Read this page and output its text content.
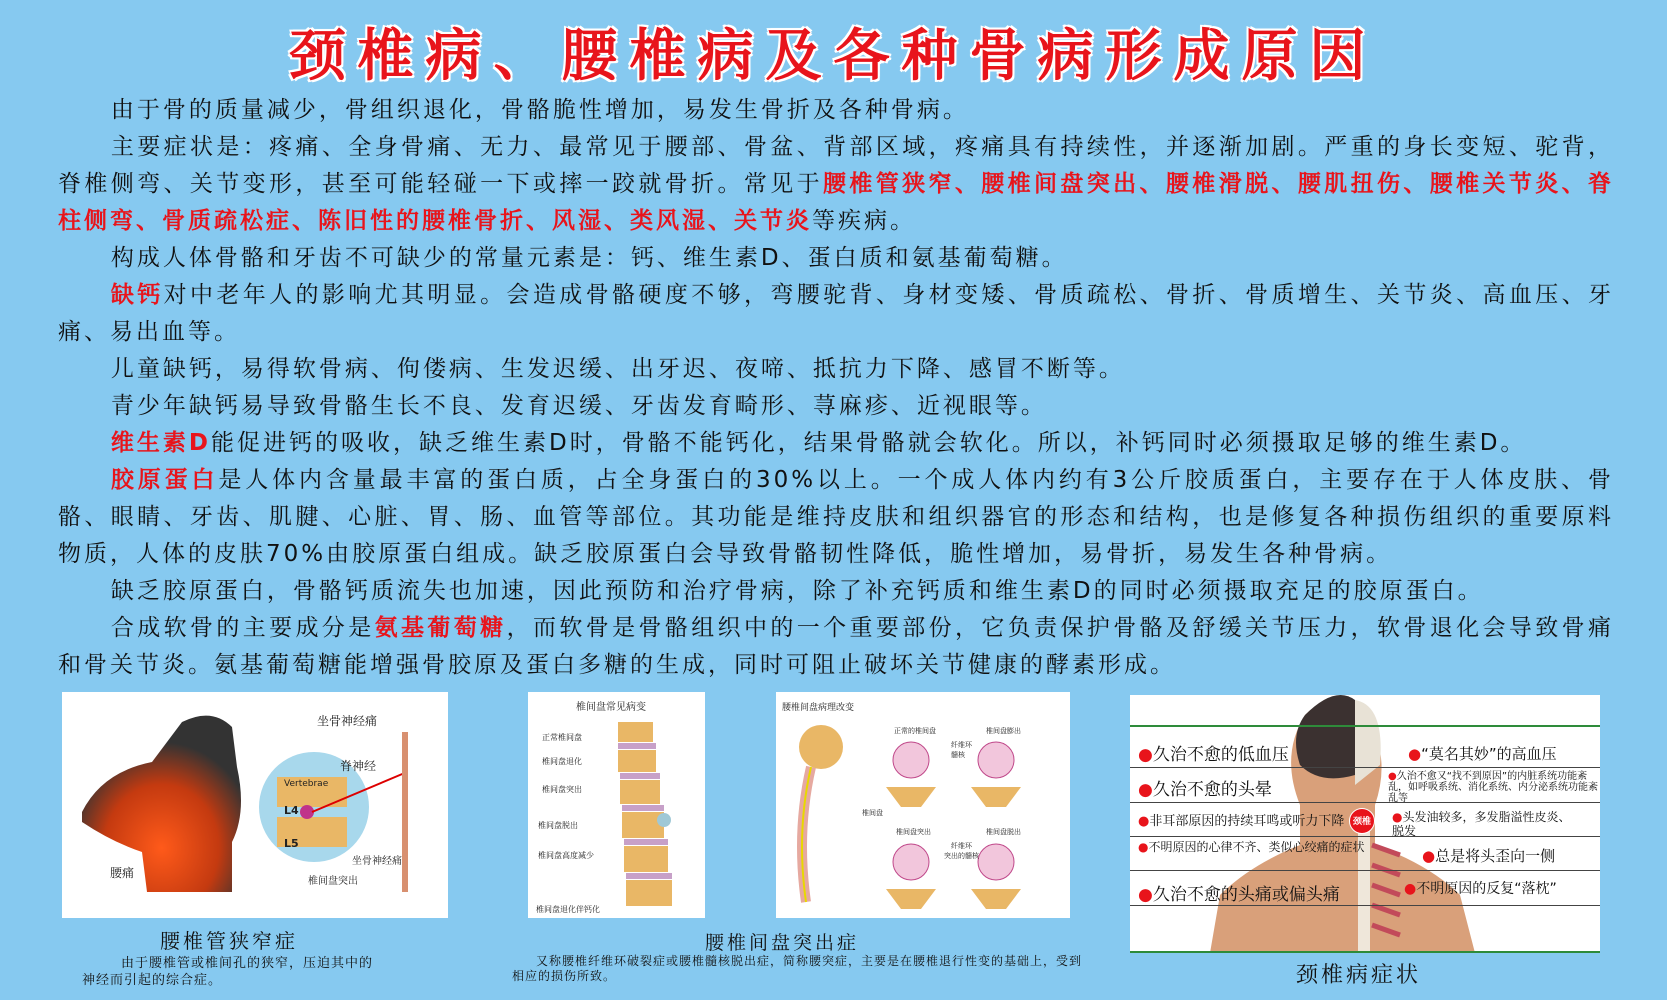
颈椎病、腰椎病及各种骨病形成原因

由于骨的质量减少，骨组织退化，骨骼脆性增加，易发生骨折及各种骨病。

主要症状是：疼痛、全身骨痛、无力、最常见于腰部、骨盆、背部区域，疼痛具有持续性，并逐渐加剧。严重的身长变短、驼背，脊椎侧弯、关节变形，甚至可能轻碰一下或摔一跤就骨折。常见于腰椎管狭窄、腰椎间盘突出、腰椎滑脱、腰肌扭伤、腰椎关节炎、脊柱侧弯、骨质疏松症、陈旧性的腰椎骨折、风湿、类风湿、关节炎等疾病。

构成人体骨骼和牙齿不可缺少的常量元素是：钙、维生素D、蛋白质和氨基葡萄糖。

缺钙对中老年人的影响尤其明显。会造成骨骼硬度不够，弯腰驼背、身材变矮、骨质疏松、骨折、骨质增生、关节炎、高血压、牙痛、易出血等。

儿童缺钙，易得软骨病、佝偻病、生发迟缓、出牙迟、夜啼、抵抗力下降、感冒不断等。

青少年缺钙易导致骨骼生长不良、发育迟缓、牙齿发育畸形、荨麻疹、近视眼等。

维生素D能促进钙的吸收，缺乏维生素D时，骨骼不能钙化，结果骨骼就会软化。所以，补钙同时必须摄取足够的维生素D。

胶原蛋白是人体内含量最丰富的蛋白质，占全身蛋白的30%以上。一个成人体内约有3公斤胶质蛋白，主要存在于人体皮肤、骨骼、眼睛、牙齿、肌腱、心脏、胃、肠、血管等部位。其功能是维持皮肤和组织器官的形态和结构，也是修复各种损伤组织的重要原料物质，人体的皮肤70%由胶原蛋白组成。缺乏胶原蛋白会导致骨骼韧性降低，脆性增加，易骨折，易发生各种骨病。

缺乏胶原蛋白，骨骼钙质流失也加速，因此预防和治疗骨病，除了补充钙质和维生素D的同时必须摄取充足的胶原蛋白。

合成软骨的主要成分是氨基葡萄糖，而软骨是骨骼组织中的一个重要部份，它负责保护骨骼及舒缓关节压力，软骨退化会导致骨痛和骨关节炎。氨基葡萄糖能增强骨胶原及蛋白多糖的生成，同时可阻止破坏关节健康的酵素形成。

坐骨神经痛
脊神经
Vertebrae
L4
L5
坐骨神经痛
椎间盘突出
腰痛
腰椎管狭窄症
由于腰椎管或椎间孔的狭窄，压迫其中的神经而引起的综合症。
椎间盘常见病变
正常椎间盘
椎间盘退化
椎间盘突出
椎间盘脱出
椎间盘高度减少
椎间盘退化伴钙化
腰椎间盘病理改变
正常的椎间盘	椎间盘膨出
纤维环
髓核
椎间盘
椎间盘突出	椎间盘脱出
纤维环
突出的髓核
腰椎间盘突出症
又称腰椎纤维环破裂症或腰椎髓核脱出症，简称腰突症，主要是在腰椎退行性变的基础上，受到相应的损伤所致。
颈椎
●久治不愈的低血压
●久治不愈的头晕
●非耳部原因的持续耳鸣或听力下降
●不明原因的心律不齐、类似心绞痛的症状
●久治不愈的头痛或偏头痛
●“莫名其妙”的高血压
●久治不愈又“找不到原因”的内脏系统功能紊乱，如呼吸系统、消化系统、内分泌系统功能紊乱等
●头发油较多，多发脂溢性皮炎、脱发
●总是将头歪向一侧
●不明原因的反复“落枕”
颈椎病症状
